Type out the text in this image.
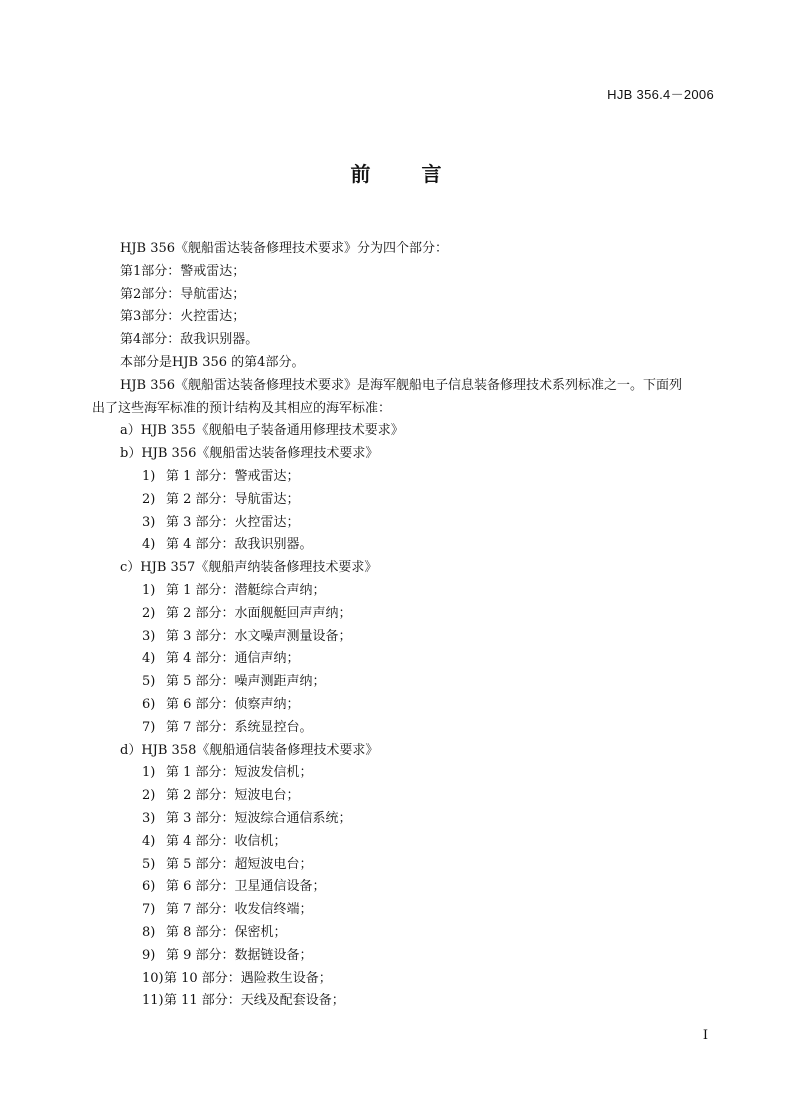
HJB 356.4－2006
前 言
HJB 356《舰船雷达装备修理技术要求》分为四个部分：
第1部分：警戒雷达；
第2部分：导航雷达；
第3部分：火控雷达；
第4部分：敌我识别器。
本部分是HJB 356 的第4部分。
HJB 356《舰船雷达装备修理技术要求》是海军舰船电子信息装备修理技术系列标准之一。下面列
出了这些海军标准的预计结构及其相应的海军标准：
a）HJB 355《舰船电子装备通用修理技术要求》
b）HJB 356《舰船雷达装备修理技术要求》
1) 第 1 部分：警戒雷达；
2) 第 2 部分：导航雷达；
3) 第 3 部分：火控雷达；
4) 第 4 部分：敌我识别器。
c）HJB 357《舰船声纳装备修理技术要求》
1) 第 1 部分：潜艇综合声纳；
2) 第 2 部分：水面舰艇回声声纳；
3) 第 3 部分：水文噪声测量设备；
4) 第 4 部分：通信声纳；
5) 第 5 部分：噪声测距声纳；
6) 第 6 部分：侦察声纳；
7) 第 7 部分：系统显控台。
d）HJB 358《舰船通信装备修理技术要求》
1) 第 1 部分：短波发信机；
2) 第 2 部分：短波电台；
3) 第 3 部分：短波综合通信系统；
4) 第 4 部分：收信机；
5) 第 5 部分：超短波电台；
6) 第 6 部分：卫星通信设备；
7) 第 7 部分：收发信终端；
8) 第 8 部分：保密机；
9) 第 9 部分：数据链设备；
10)第 10 部分：遇险救生设备；
11)第 11 部分：天线及配套设备；
I
